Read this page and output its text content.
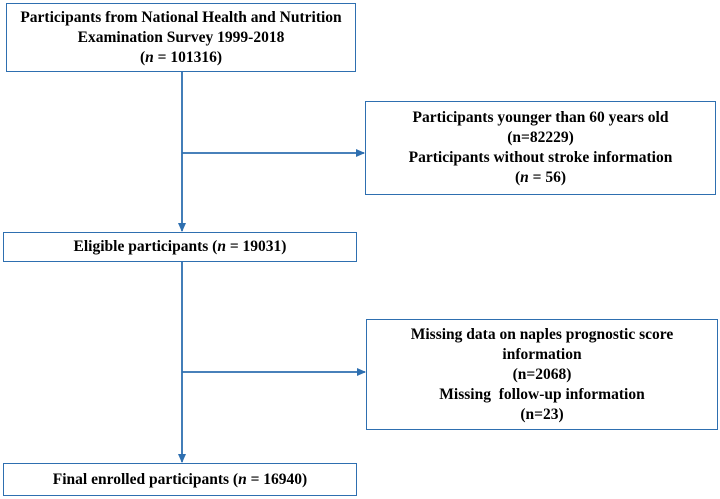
Participants from National Health and Nutrition
Examination Survey 1999-2018
(n = 101316)
Participants younger than 60 years old
(n=82229)
Participants without stroke information
(n = 56)
Eligible participants (n = 19031)
Missing data on naples prognostic score
information
(n=2068)
Missing  follow-up information
(n=23)
Final enrolled participants (n = 16940)
